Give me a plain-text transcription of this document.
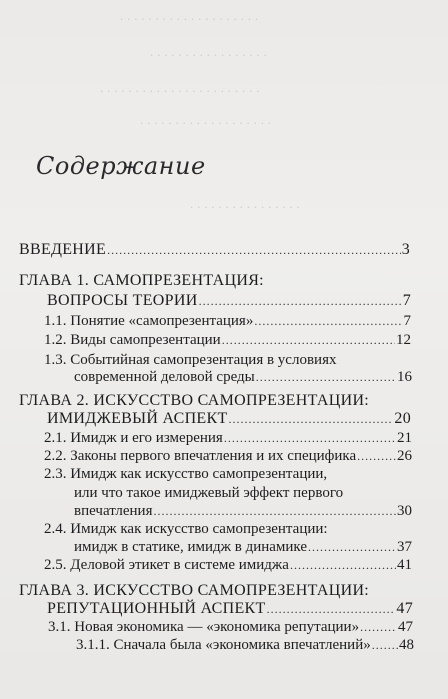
. . . . . . . . . . . . . . . . . . . .
. . . . . . . . . . . . . . . . .
. . . . . . . . . . . . . . . . . . . . . . .
. . . . . . . . . . . . . . . . . . .
. . . . . . . . . . . . . . . .
Содержание
ВВЕДЕНИЕ .....	3
ГЛАВА 1. САМОПРЕЗЕНТАЦИЯ:
ВОПРОСЫ ТЕОРИИ .....	7
1.1. Понятие «самопрезентация» .....	7
1.2. Виды самопрезентации .....	12
1.3. Событийная самопрезентация в условиях
современной деловой среды .....	16
ГЛАВА 2. ИСКУССТВО САМОПРЕЗЕНТАЦИИ:
ИМИДЖЕВЫЙ АСПЕКТ .....	20
2.1. Имидж и его измерения .....	21
2.2. Законы первого впечатления и их специфика .....	26
2.3. Имидж как искусство самопрезентации,
или что такое имиджевый эффект первого
впечатления .....	30
2.4. Имидж как искусство самопрезентации:
имидж в статике, имидж в динамике .....	37
2.5. Деловой этикет в системе имиджа .....	41
ГЛАВА 3. ИСКУССТВО САМОПРЕЗЕНТАЦИИ:
РЕПУТАЦИОННЫЙ АСПЕКТ .....	47
3.1. Новая экономика — «экономика репутации» .....	47
3.1.1. Сначала была «экономика впечатлений» ..... 48
